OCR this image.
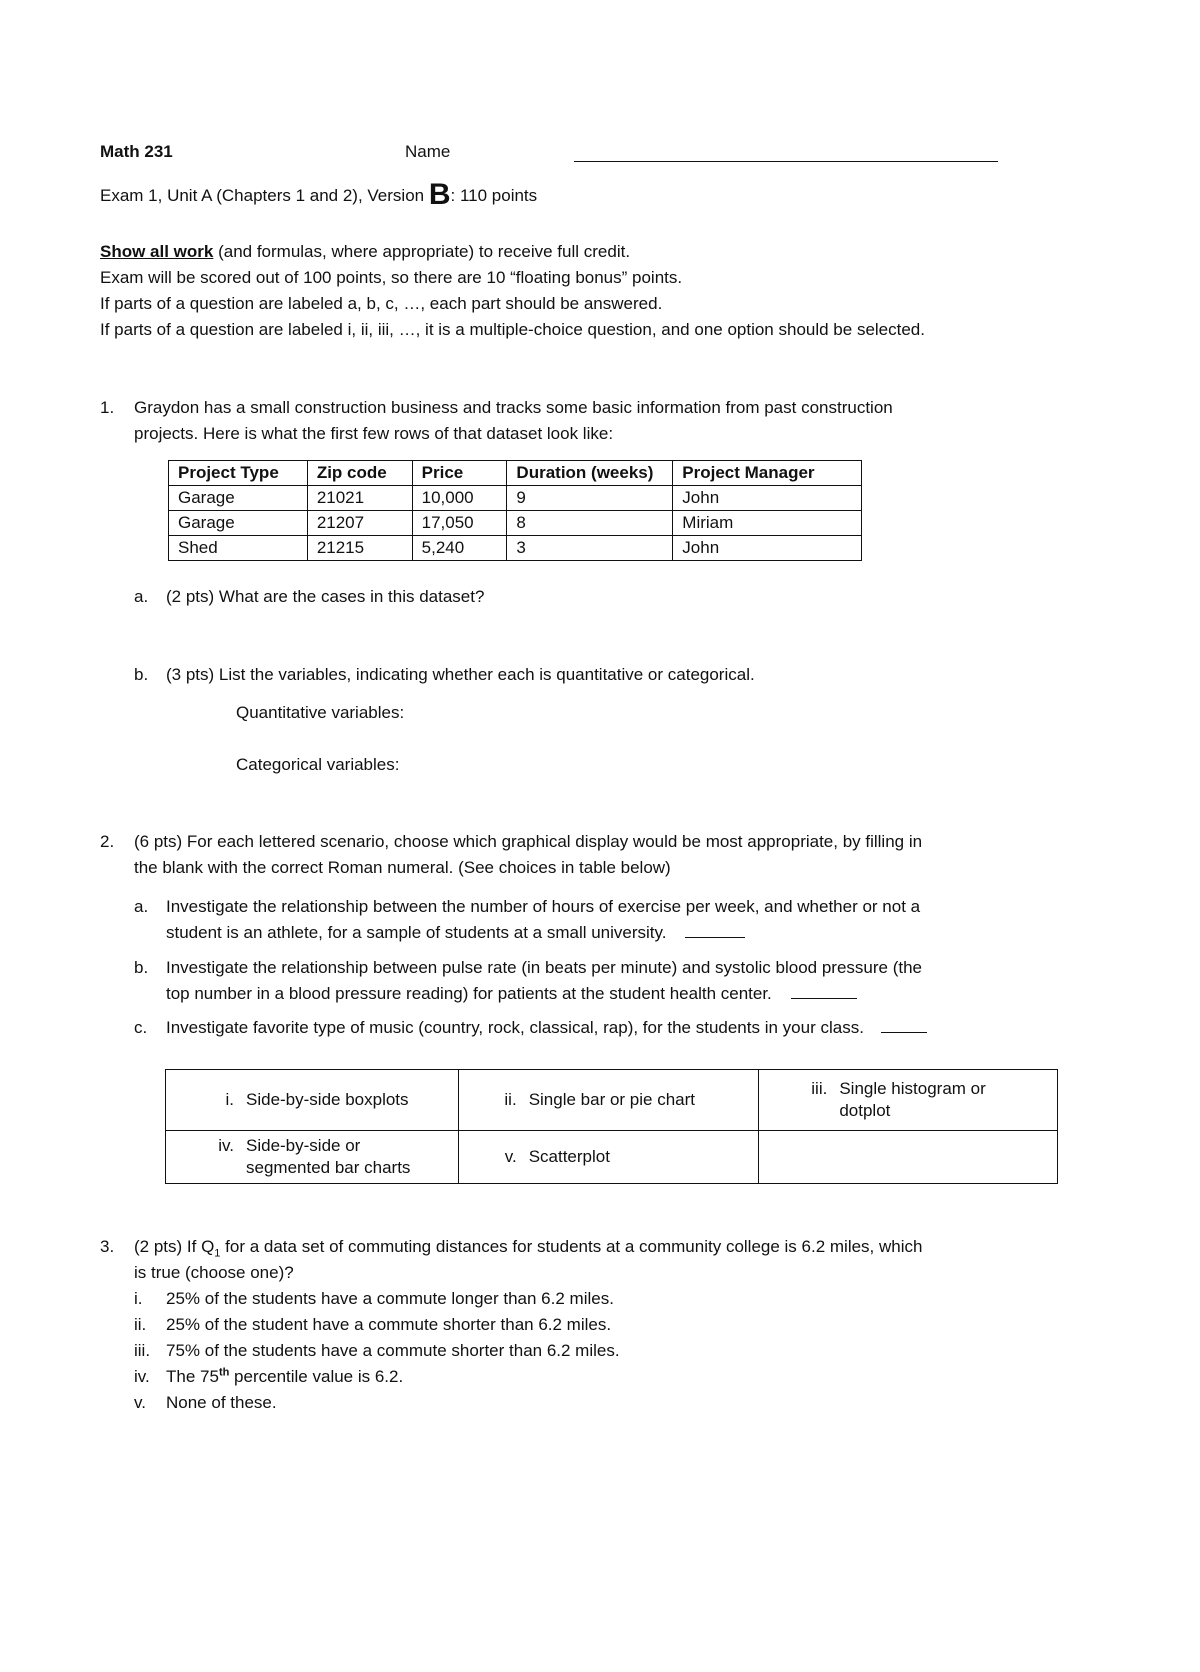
Math 231	Name
Exam 1, Unit A (Chapters 1 and 2), Version B: 110 points
Show all work (and formulas, where appropriate) to receive full credit.
Exam will be scored out of 100 points, so there are 10 “floating bonus” points.
If parts of a question are labeled a, b, c, …, each part should be answered.
If parts of a question are labeled i, ii, iii, …, it is a multiple-choice question, and one option should be selected.
1. Graydon has a small construction business and tracks some basic information from past construction
projects. Here is what the first few rows of that dataset look like:
Project Type	Zip code	Price	Duration (weeks)	Project Manager
Garage	21021	10,000	9	John
Garage	21207	17,050	8	Miriam
Shed	21215	5,240	3	John
a. (2 pts) What are the cases in this dataset?
b. (3 pts) List the variables, indicating whether each is quantitative or categorical.
Quantitative variables:
Categorical variables:
2. (6 pts) For each lettered scenario, choose which graphical display would be most appropriate, by filling in
the blank with the correct Roman numeral. (See choices in table below)
a. Investigate the relationship between the number of hours of exercise per week, and whether or not a
student is an athlete, for a sample of students at a small university.
b. Investigate the relationship between pulse rate (in beats per minute) and systolic blood pressure (the
top number in a blood pressure reading) for patients at the student health center.
c. Investigate favorite type of music (country, rock, classical, rap), for the students in your class.
i. Side-by-side boxplots	ii. Single bar or pie chart	iii. Single histogram or
dotplot

iv. Side-by-side or
segmented bar charts	v. Scatterplot	

3. (2 pts) If $Q_1$ for a data set of commuting distances for students at a community college is 6.2 miles, which
is true (choose one)?
i. 25% of the students have a commute longer than 6.2 miles.
ii. 25% of the student have a commute shorter than 6.2 miles.
iii. 75% of the students have a commute shorter than 6.2 miles.
iv. The 75th percentile value is 6.2.
v. None of these.
